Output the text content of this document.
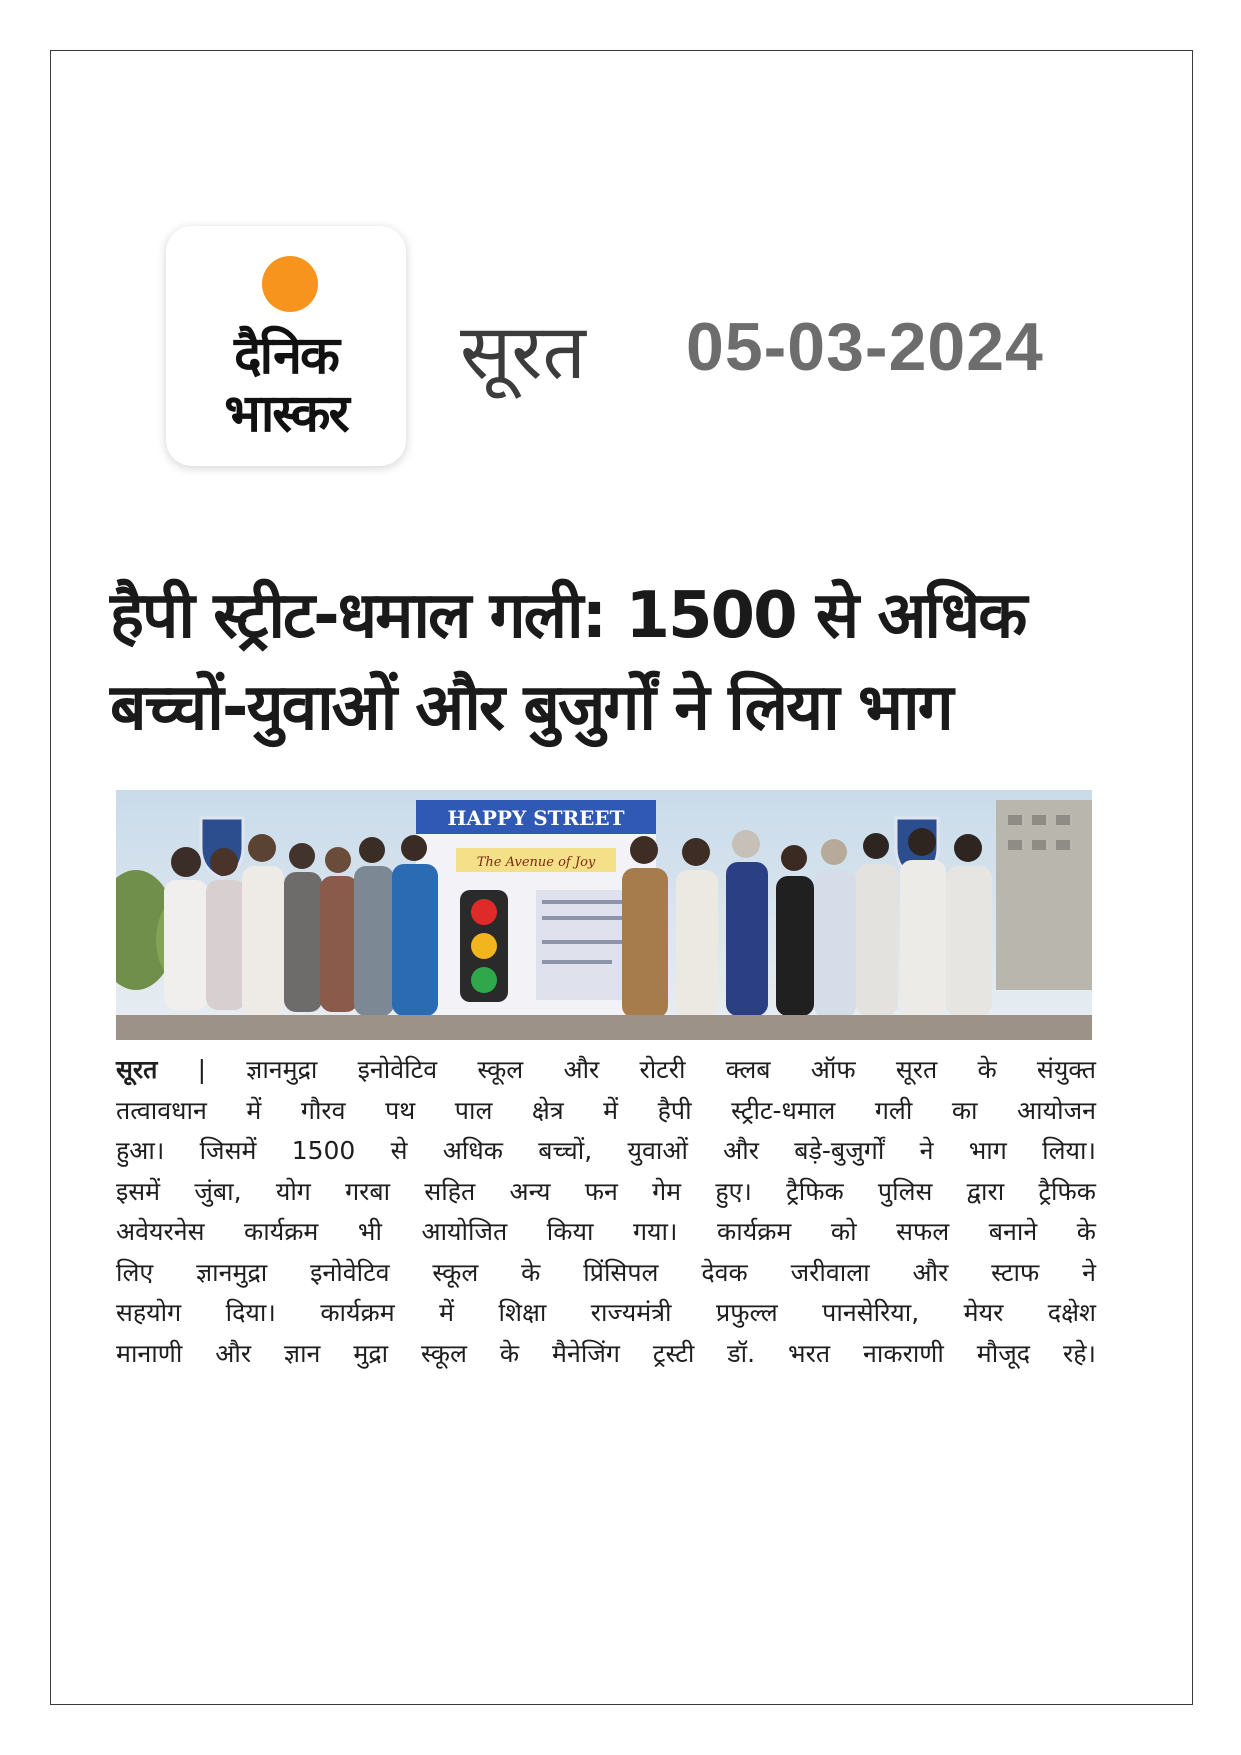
दैनिक
भास्कर
सूरत 05-03-2024
हैपी स्ट्रीट-धमाल गली: 1500 से अधिक
बच्चों-युवाओं और बुजुर्गों ने लिया भाग
HAPPY STREET
The Avenue of Joy
सूरत | ज्ञानमुद्रा इनोवेटिव स्कूल और रोटरी क्लब ऑफ सूरत के संयुक्त
तत्वावधान में गौरव पथ पाल क्षेत्र में हैपी स्ट्रीट-धमाल गली का आयोजन
हुआ। जिसमें 1500 से अधिक बच्चों, युवाओं और बड़े-बुजुर्गों ने भाग लिया।
इसमें जुंबा, योग गरबा सहित अन्य फन गेम हुए। ट्रैफिक पुलिस द्वारा ट्रैफिक
अवेयरनेस कार्यक्रम भी आयोजित किया गया। कार्यक्रम को सफल बनाने के
लिए ज्ञानमुद्रा इनोवेटिव स्कूल के प्रिंसिपल देवक जरीवाला और स्टाफ ने
सहयोग दिया। कार्यक्रम में शिक्षा राज्यमंत्री प्रफुल्ल पानसेरिया, मेयर दक्षेश
मानाणी और ज्ञान मुद्रा स्कूल के मैनेजिंग ट्रस्टी डॉ. भरत नाकराणी मौजूद रहे।
